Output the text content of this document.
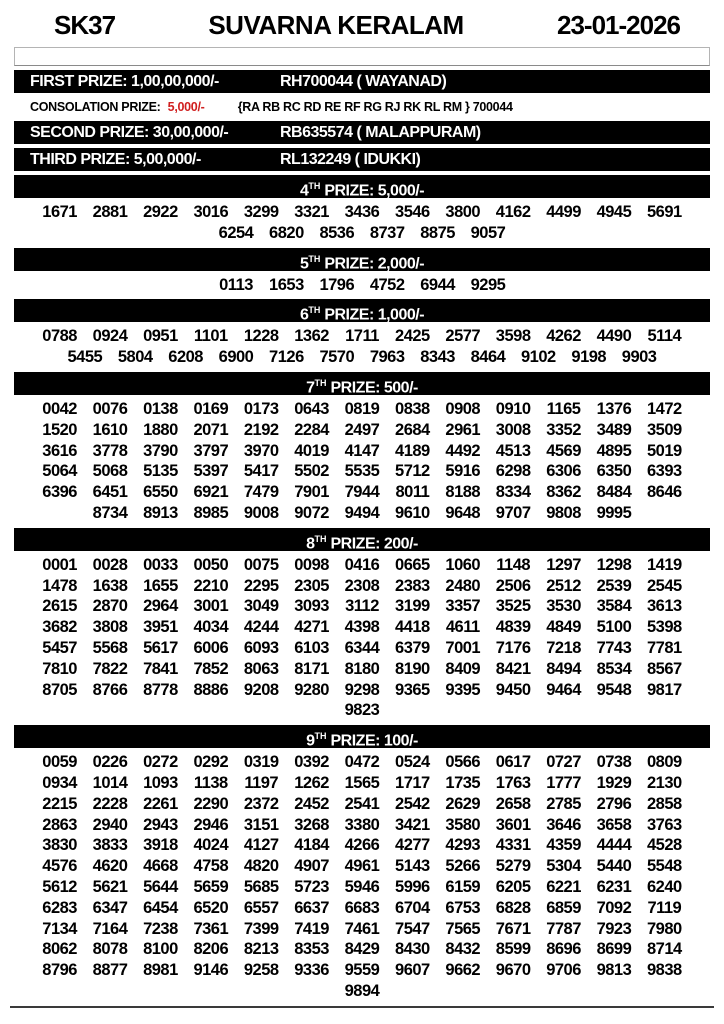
SK37	SUVARNA KERALAM	23-01-2026
FIRST PRIZE: 1,00,00,000/-	RH700044 ( WAYANAD)
CONSOLATION PRIZE: 5,000/-	{RA RB RC RD RE RF RG RJ RK RL RM } 700044
SECOND PRIZE: 30,00,000/-	RB635574 ( MALAPPURAM)
THIRD PRIZE: 5,00,000/-	RL132249 ( IDUKKI)
4TH PRIZE: 5,000/-
1671 2881 2922 3016 3299 3321 3436 3546 3800 4162 4499 4945 5691
6254 6820 8536 8737 8875 9057
5TH PRIZE: 2,000/-
0113 1653 1796 4752 6944 9295
6TH PRIZE: 1,000/-
0788 0924 0951 1101 1228 1362 1711 2425 2577 3598 4262 4490 5114
5455 5804 6208 6900 7126 7570 7963 8343 8464 9102 9198 9903
7TH PRIZE: 500/-
0042 0076 0138 0169 0173 0643 0819 0838 0908 0910 1165 1376 1472
1520 1610 1880 2071 2192 2284 2497 2684 2961 3008 3352 3489 3509
3616 3778 3790 3797 3970 4019 4147 4189 4492 4513 4569 4895 5019
5064 5068 5135 5397 5417 5502 5535 5712 5916 6298 6306 6350 6393
6396 6451 6550 6921 7479 7901 7944 8011 8188 8334 8362 8484 8646
8734 8913 8985 9008 9072 9494 9610 9648 9707 9808 9995
8TH PRIZE: 200/-
0001 0028 0033 0050 0075 0098 0416 0665 1060 1148 1297 1298 1419
1478 1638 1655 2210 2295 2305 2308 2383 2480 2506 2512 2539 2545
2615 2870 2964 3001 3049 3093 3112 3199 3357 3525 3530 3584 3613
3682 3808 3951 4034 4244 4271 4398 4418 4611 4839 4849 5100 5398
5457 5568 5617 6006 6093 6103 6344 6379 7001 7176 7218 7743 7781
7810 7822 7841 7852 8063 8171 8180 8190 8409 8421 8494 8534 8567
8705 8766 8778 8886 9208 9280 9298 9365 9395 9450 9464 9548 9817
9823
9TH PRIZE: 100/-
0059 0226 0272 0292 0319 0392 0472 0524 0566 0617 0727 0738 0809
0934 1014 1093 1138	1197 1262 1565 1717 1735 1763 1777 1929 2130
2215 2228 2261 2290 2372 2452 2541 2542 2629 2658 2785 2796 2858
2863 2940 2943 2946 3151 3268 3380 3421 3580 3601 3646 3658 3763
3830 3833 3918 4024 4127 4184 4266 4277 4293 4331 4359 4444 4528
4576 4620 4668 4758 4820 4907 4961 5143 5266 5279 5304 5440 5548
5612 5621 5644 5659 5685 5723 5946 5996 6159 6205 6221 6231 6240
6283 6347 6454 6520 6557 6637 6683 6704 6753 6828 6859 7092 7119
7134 7164 7238 7361 7399 7419 7461 7547 7565 7671 7787 7923 7980
8062 8078 8100 8206 8213 8353 8429 8430 8432 8599 8696 8699 8714
8796 8877 8981 9146 9258 9336 9559 9607 9662 9670 9706 9813 9838
9894
